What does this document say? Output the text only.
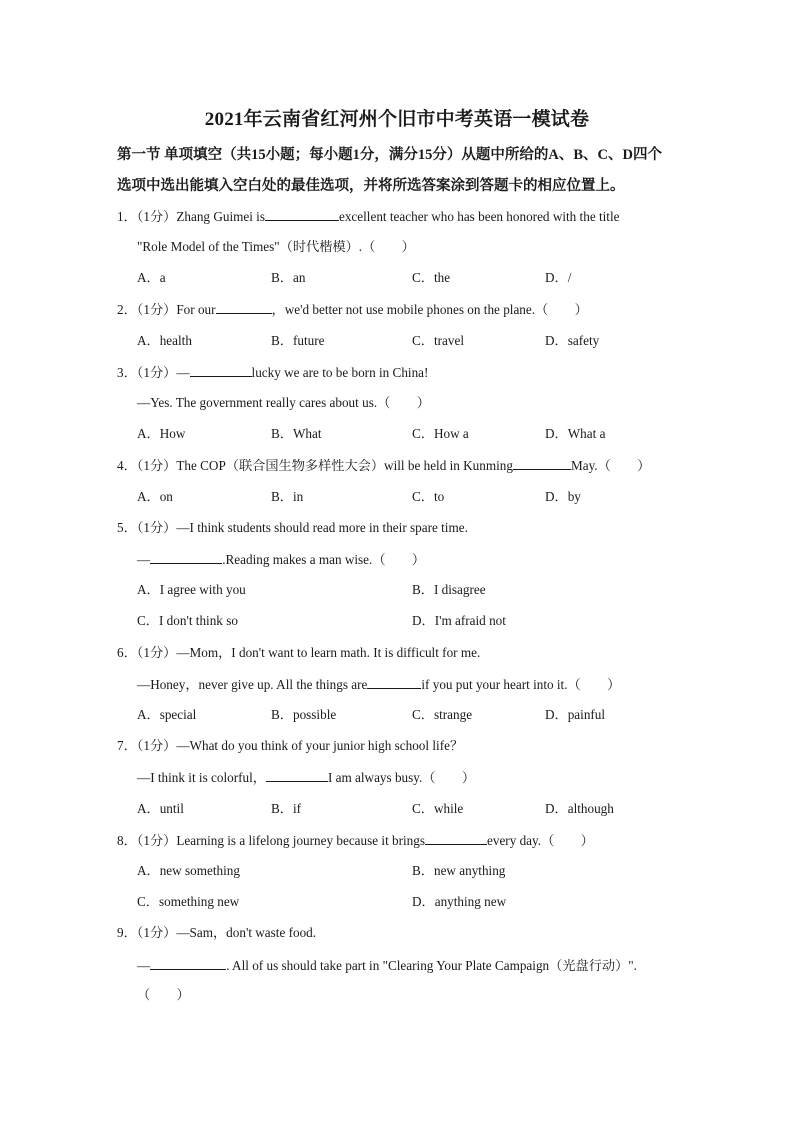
2021年云南省红河州个旧市中考英语一模试卷
第一节 单项填空（共15小题；每小题1分，满分15分）从题中所给的A、B、C、D四个
选项中选出能填入空白处的最佳选项，并将所选答案涂到答题卡的相应位置上。
1．（1分）Zhang Guimei is	excellent teacher who has been honored with the title
"Role Model of the Times"（时代楷模）.（　　）
A．a	B．an	C．the	D．/
2．（1分）For our	，we'd better not use mobile phones on the plane.（　　）
A．health	B．future	C．travel	D．safety
3．（1分）—	lucky we are to be born in China!
—Yes. The government really cares about us.（　　）
A．How	B．What	C．How a	D．What a
4．（1分）The COP（联合国生物多样性大会）will be held in Kunming	May.（　　）
A．on	B．in	C．to	D．by
5．（1分）—I think students should read more in their spare time.
—	.Reading makes a man wise.（　　）
A．I agree with you	B．I disagree
C．I don't think so	D．I'm afraid not
6．（1分）—Mom，I don't want to learn math. It is difficult for me.
—Honey，never give up. All the things are	if you put your heart into it.（　　）
A．special	B．possible	C．strange	D．painful
7．（1分）—What do you think of your junior high school life？
—I think it is colorful，	I am always busy.（　　）
A．until	B．if	C．while	D．although
8．（1分）Learning is a lifelong journey because it brings	every day.（　　）
A．new something	B．new anything
C．something new	D．anything new
9．（1分）—Sam，don't waste food.
—	. All of us should take part in "Clearing Your Plate Campaign（光盘行动）".
（　　）
